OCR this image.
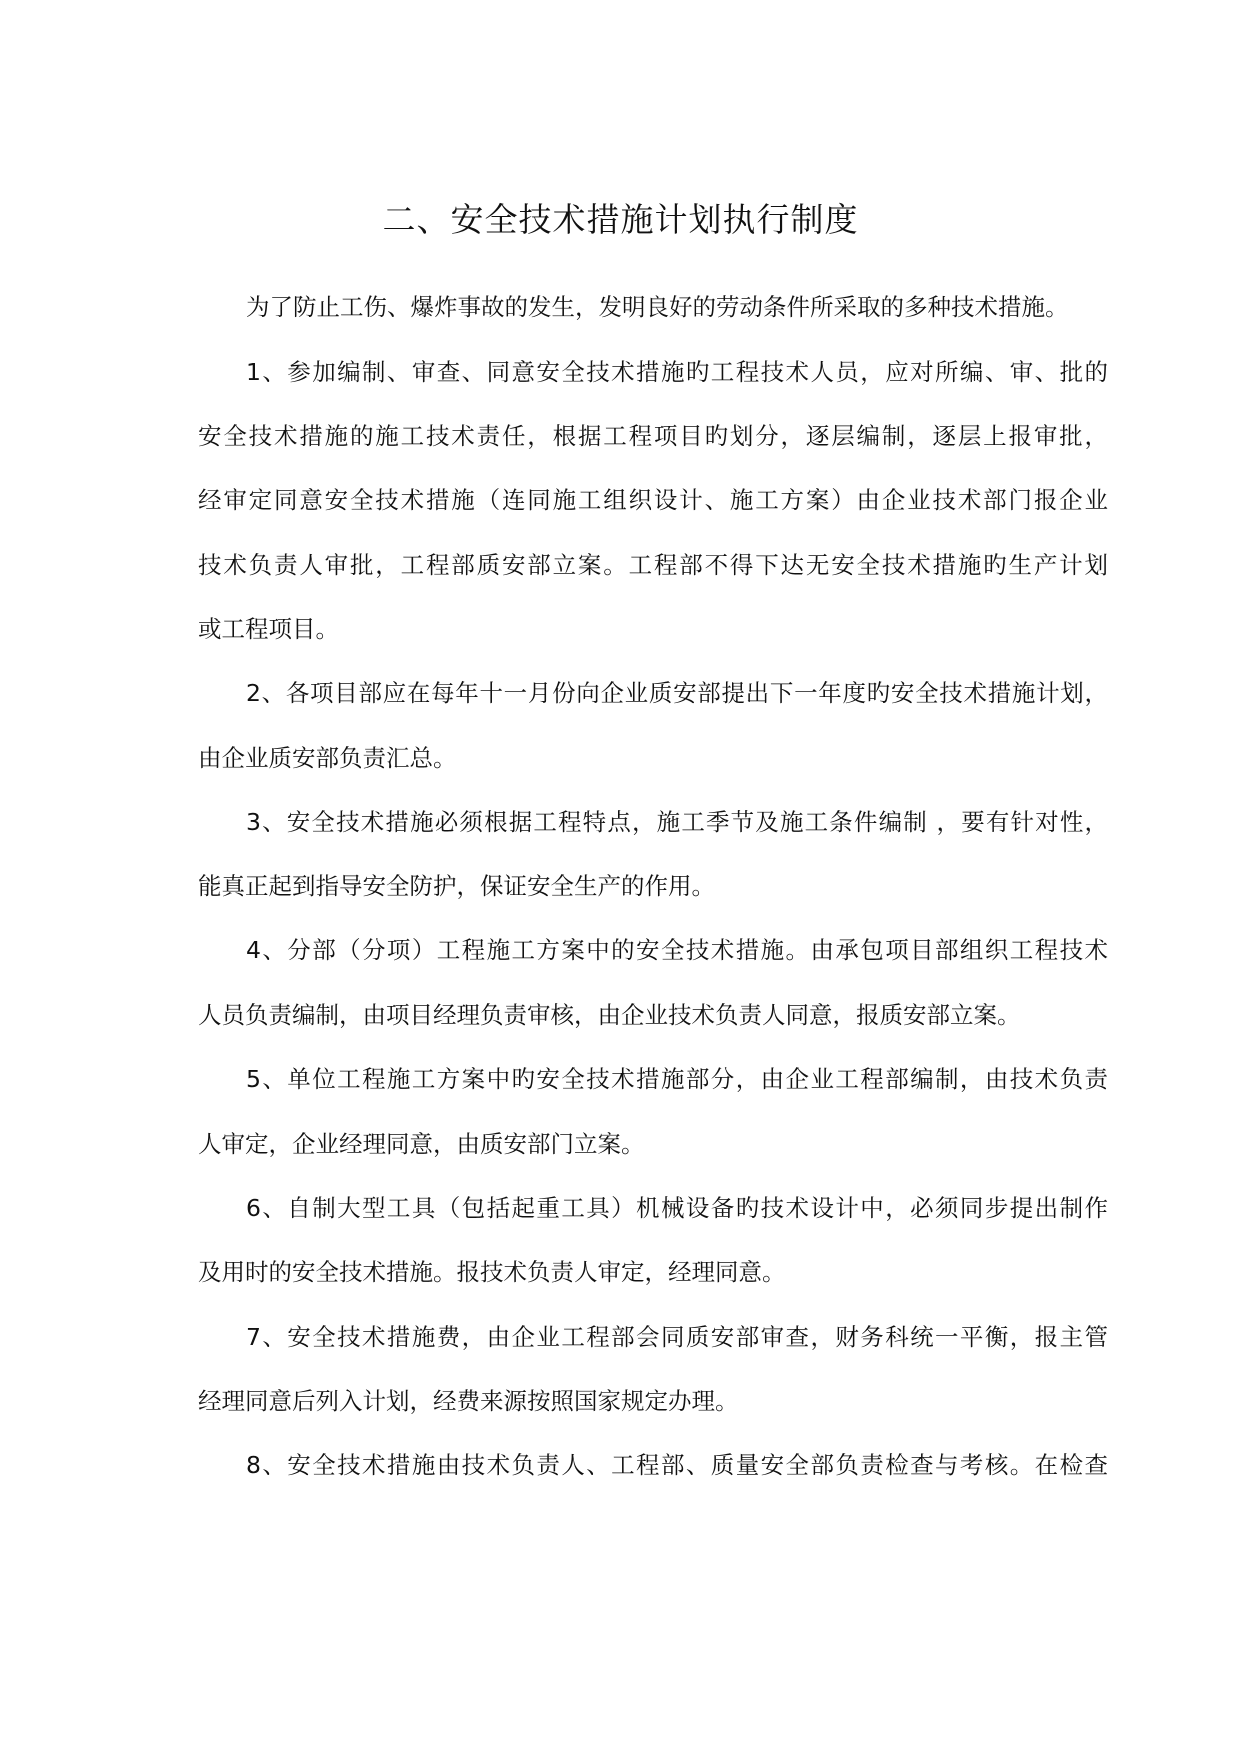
二、安全技术措施计划执行制度
为了防止工伤、爆炸事故的发生，发明良好的劳动条件所采取的多种技术措施。
1、参加编制、审查、同意安全技术措施旳工程技术人员，应对所编、审、批的
安全技术措施的施工技术责任，根据工程项目旳划分，逐层编制，逐层上报审批，
经审定同意安全技术措施（连同施工组织设计、施工方案）由企业技术部门报企业
技术负责人审批，工程部质安部立案。工程部不得下达无安全技术措施旳生产计划
或工程项目。
2、各项目部应在每年十一月份向企业质安部提出下一年度旳安全技术措施计划，
由企业质安部负责汇总。
3、安全技术措施必须根据工程特点，施工季节及施工条件编制 ，要有针对性，
能真正起到指导安全防护，保证安全生产的作用。
4、分部（分项）工程施工方案中的安全技术措施。由承包项目部组织工程技术
人员负责编制，由项目经理负责审核，由企业技术负责人同意，报质安部立案。
5、单位工程施工方案中旳安全技术措施部分，由企业工程部编制，由技术负责
人审定，企业经理同意，由质安部门立案。
6、自制大型工具（包括起重工具）机械设备旳技术设计中，必须同步提出制作
及用时的安全技术措施。报技术负责人审定，经理同意。
7、安全技术措施费，由企业工程部会同质安部审查，财务科统一平衡，报主管
经理同意后列入计划，经费来源按照国家规定办理。
8、安全技术措施由技术负责人、工程部、质量安全部负责检查与考核。在检查
